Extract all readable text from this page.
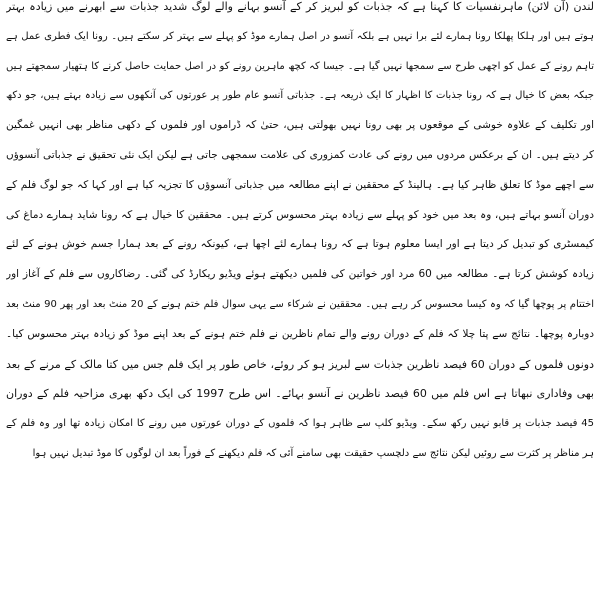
لندن (آن لائن) ماہرنفسیات کا کہنا ہے کہ جذبات کو لبریز کر کے آنسو بہانے والے لوگ شدید جذبات سے ابھرنے میں زیادہ بہتر
ہوتے ہیں اور ہلکا پھلکا رونا ہمارے لئے برا نہیں ہے بلکہ آنسو در اصل ہمارے موڈ کو پہلے سے بہتر کر سکتے ہیں۔ رونا ایک فطری عمل ہے
تاہم رونے کے عمل کو اچھی طرح سے سمجھا نہیں گیا ہے۔ جیسا کہ کچھ ماہرین رونے کو در اصل حمایت حاصل کرنے کا ہتھیار سمجھتے ہیں
جبکہ بعض کا خیال ہے کہ رونا جذبات کا اظہار کا ایک ذریعہ ہے۔ جذباتی آنسو عام طور پر عورتوں کی آنکھوں سے زیادہ بہتے ہیں، جو دکھ
اور تکلیف کے علاوہ خوشی کے موقعوں پر بھی رونا نہیں بھولتی ہیں، حتیٰ کہ ڈراموں اور فلموں کے دکھی مناظر بھی انہیں غمگین
کر دیتے ہیں۔ ان کے برعکس مردوں میں رونے کی عادت کمزوری کی علامت سمجھی جاتی ہے لیکن ایک نئی تحقیق نے جذباتی آنسوؤں
سے اچھے موڈ کا تعلق ظاہر کیا ہے۔ ہالینڈ کے محققین نے اپنے مطالعہ میں جذباتی آنسوؤں کا تجزیہ کیا ہے اور کہا کہ جو لوگ فلم کے
دوران آنسو بہاتے ہیں، وہ بعد میں خود کو پہلے سے زیادہ بہتر محسوس کرتے ہیں۔ محققین کا خیال ہے کہ رونا شاید ہمارے دماغ کی
کیمسٹری کو تبدیل کر دیتا ہے اور ایسا معلوم ہوتا ہے کہ رونا ہمارے لئے اچھا ہے، کیونکہ رونے کے بعد ہمارا جسم خوش ہونے کے لئے
زیادہ کوشش کرتا ہے۔ مطالعہ میں 60 مرد اور خواتین کی فلمیں دیکھتے ہوئے ویڈیو ریکارڈ کی گئی۔ رضاکاروں سے فلم کے آغاز اور
اختتام پر پوچھا گیا کہ وہ کیسا محسوس کر رہے ہیں۔ محققین نے شرکاء سے یہی سوال فلم ختم ہونے کے 20 منٹ بعد اور پھر 90 منٹ بعد
دوبارہ پوچھا۔ نتائج سے پتا چلا کہ فلم کے دوران رونے والے تمام ناظرین نے فلم ختم ہونے کے بعد اپنے موڈ کو زیادہ بہتر محسوس کیا۔
دونوں فلموں کے دوران 60 فیصد ناظرین جذبات سے لبریز ہو کر روئے، خاص طور پر ایک فلم جس میں کتا مالک کے مرنے کے بعد
بھی وفاداری نبھاتا ہے اس فلم میں 60 فیصد ناظرین نے آنسو بہائے۔ اس طرح 1997 کی ایک دکھ بھری مزاحیہ فلم کے دوران
45 فیصد جذبات پر قابو نہیں رکھ سکے۔ ویڈیو کلپ سے ظاہر ہوا کہ فلموں کے دوران عورتوں میں رونے کا امکان زیادہ تھا اور وہ فلم کے
ہر مناظر پر کثرت سے روئیں لیکن نتائج سے دلچسپ حقیقت بھی سامنے آئی کہ فلم دیکھنے کے فوراً بعد ان لوگوں کا موڈ تبدیل نہیں ہوا
